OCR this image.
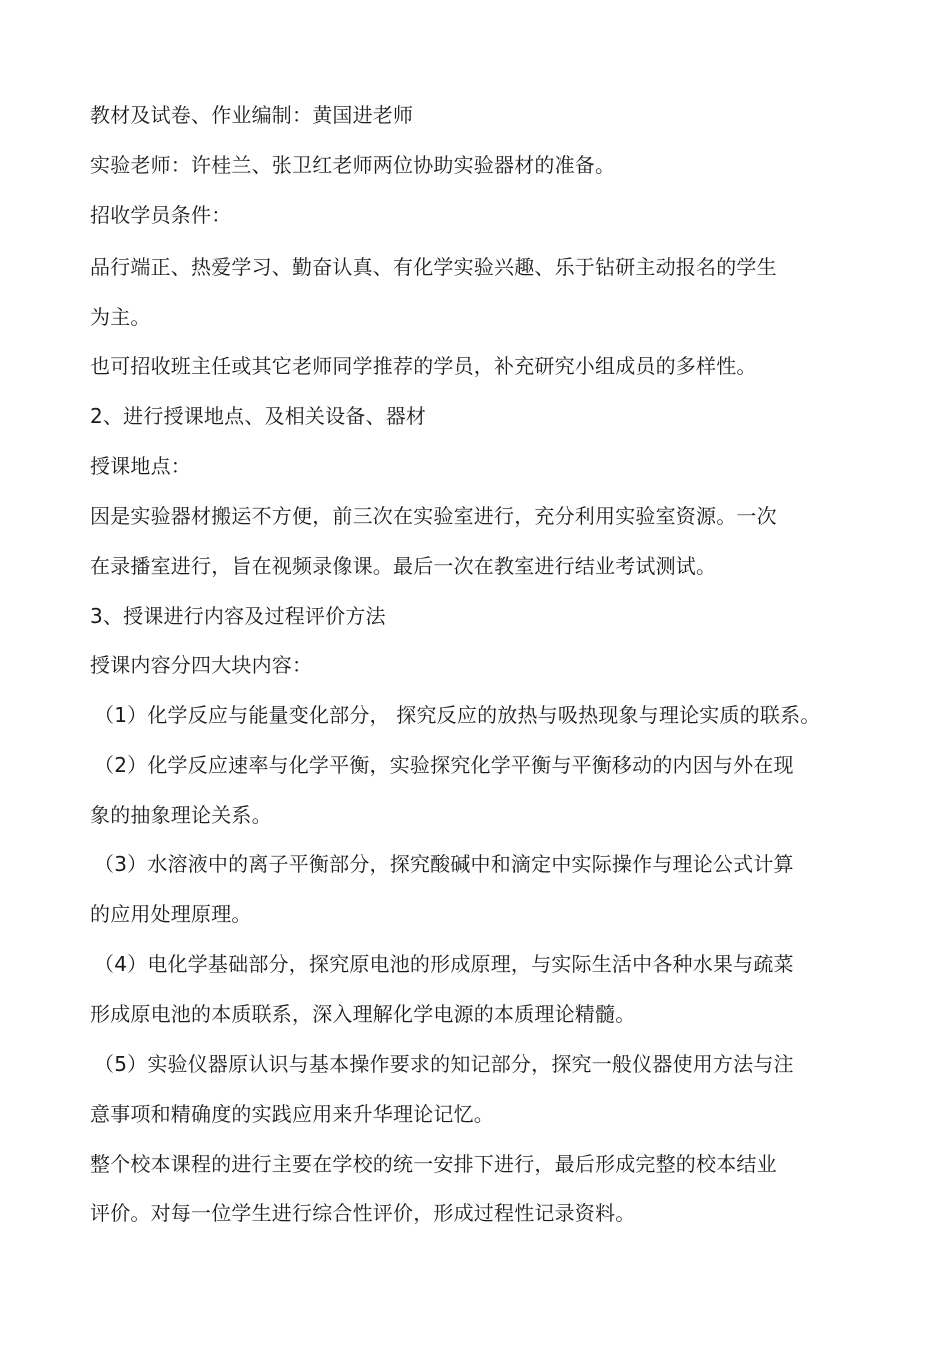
教材及试卷、作业编制：黄国进老师
实验老师：许桂兰、张卫红老师两位协助实验器材的准备。
招收学员条件：
品行端正、热爱学习、勤奋认真、有化学实验兴趣、乐于钻研主动报名的学生
为主。
也可招收班主任或其它老师同学推荐的学员，补充研究小组成员的多样性。
2、进行授课地点、及相关设备、器材
授课地点：
因是实验器材搬运不方便，前三次在实验室进行，充分利用实验室资源。一次
在录播室进行，旨在视频录像课。最后一次在教室进行结业考试测试。
3、授课进行内容及过程评价方法
授课内容分四大块内容：
（1）化学反应与能量变化部分， 探究反应的放热与吸热现象与理论实质的联系。
（2）化学反应速率与化学平衡，实验探究化学平衡与平衡移动的内因与外在现
象的抽象理论关系。
（3）水溶液中的离子平衡部分，探究酸碱中和滴定中实际操作与理论公式计算
的应用处理原理。
（4）电化学基础部分，探究原电池的形成原理，与实际生活中各种水果与疏菜
形成原电池的本质联系，深入理解化学电源的本质理论精髓。
（5）实验仪器原认识与基本操作要求的知记部分，探究一般仪器使用方法与注
意事项和精确度的实践应用来升华理论记忆。
整个校本课程的进行主要在学校的统一安排下进行，最后形成完整的校本结业
评价。对每一位学生进行综合性评价，形成过程性记录资料。
